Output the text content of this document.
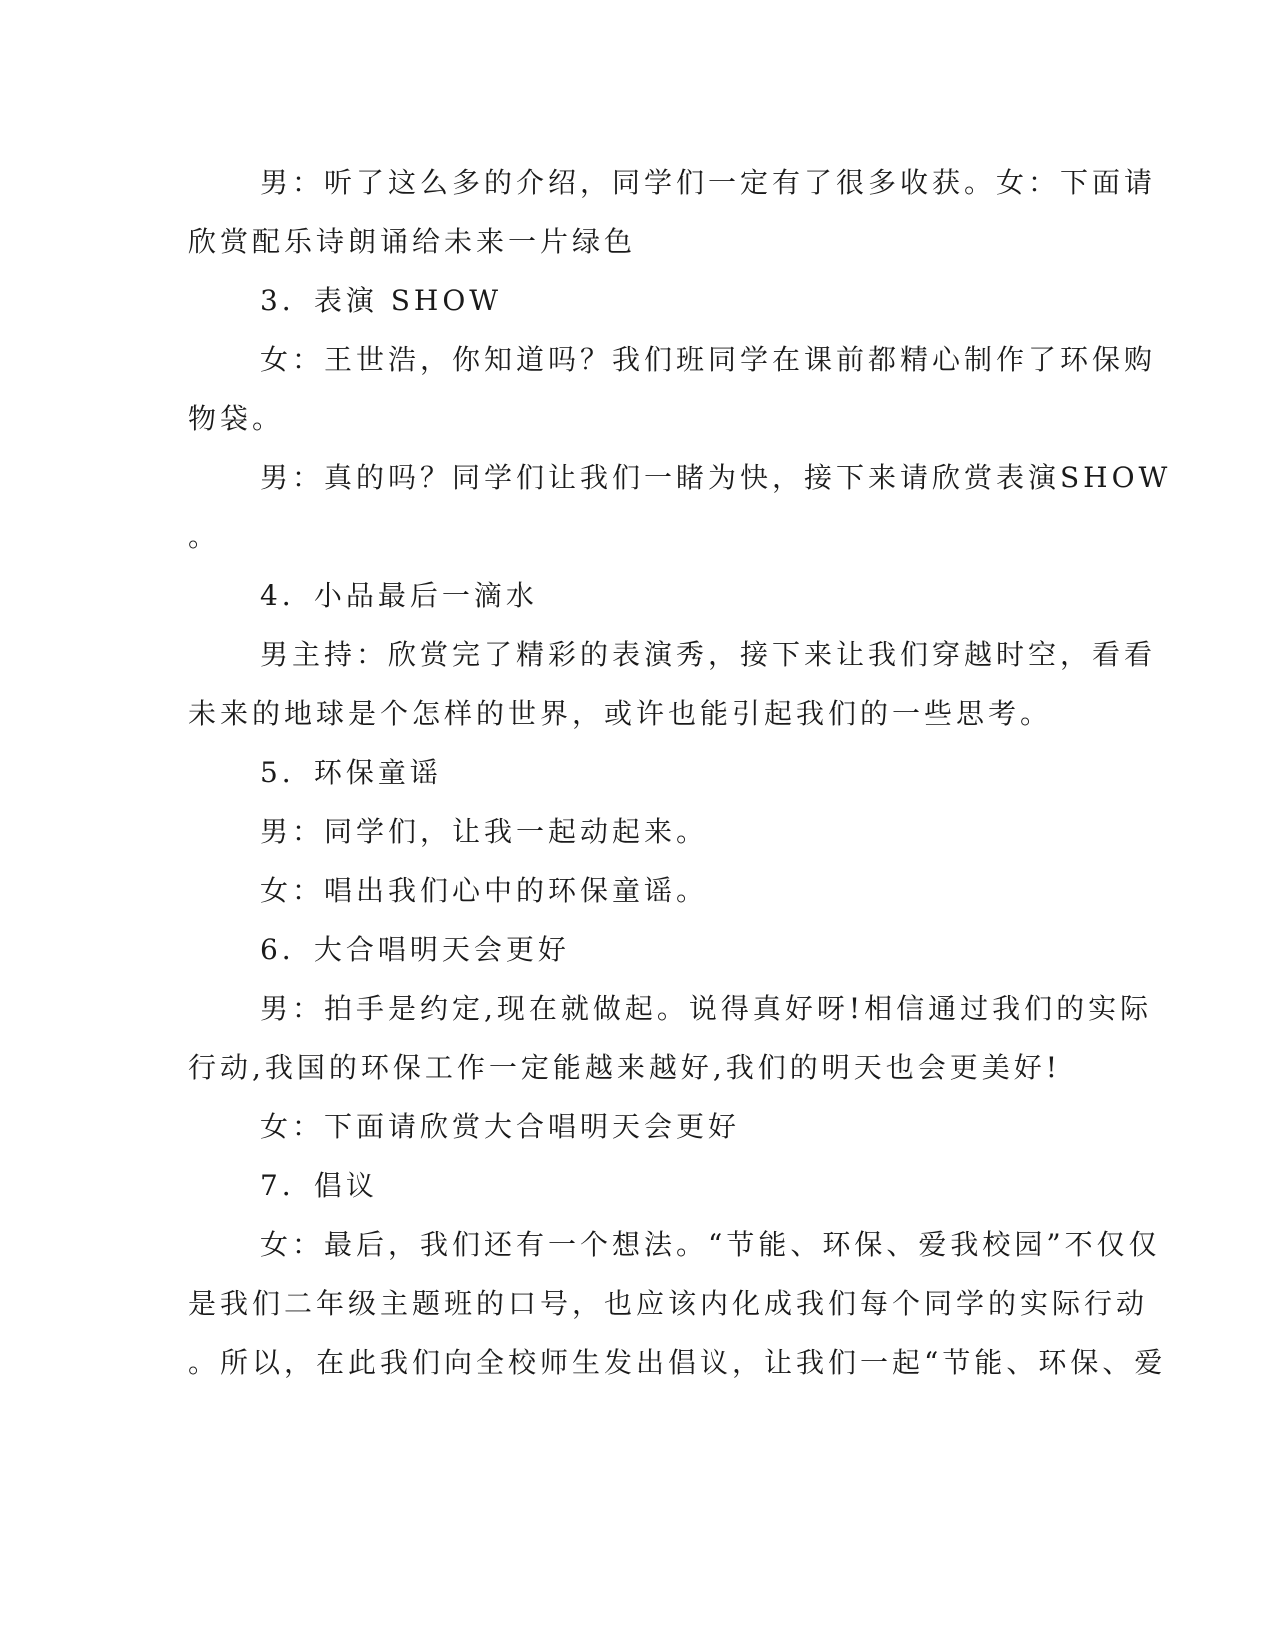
男：听了这么多的介绍，同学们一定有了很多收获。女：下面请
欣赏配乐诗朗诵给未来一片绿色
3．表演 SHOW
女：王世浩，你知道吗？我们班同学在课前都精心制作了环保购
物袋。
男：真的吗？同学们让我们一睹为快，接下来请欣赏表演SHOW
。
4．小品最后一滴水
男主持：欣赏完了精彩的表演秀，接下来让我们穿越时空，看看
未来的地球是个怎样的世界，或许也能引起我们的一些思考。
5．环保童谣
男：同学们，让我一起动起来。
女：唱出我们心中的环保童谣。
6．大合唱明天会更好
男：拍手是约定,现在就做起。说得真好呀!相信通过我们的实际
行动,我国的环保工作一定能越来越好,我们的明天也会更美好!
女：下面请欣赏大合唱明天会更好
7．倡议
女：最后，我们还有一个想法。“节能、环保、爱我校园”不仅仅
是我们二年级主题班的口号，也应该内化成我们每个同学的实际行动
。所以，在此我们向全校师生发出倡议，让我们一起“节能、环保、爱
